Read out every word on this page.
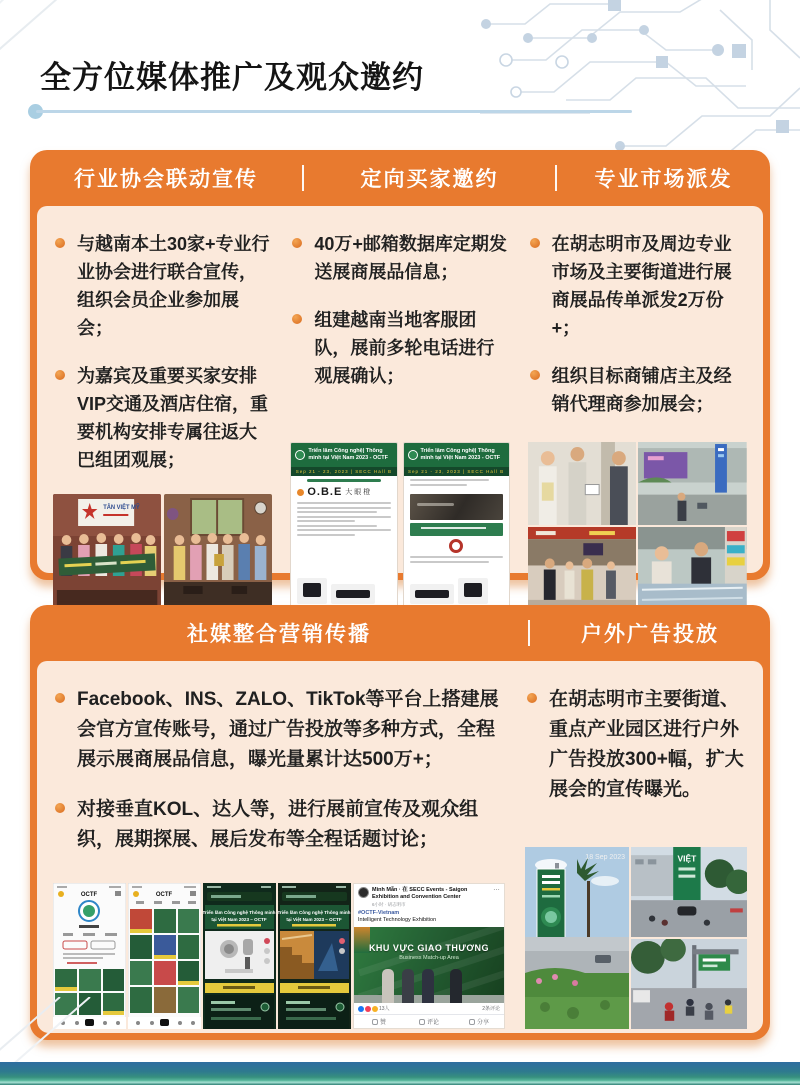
全方位媒体推广及观众邀约
行业协会联动宣传	定向买家邀约	专业市场派发

与越南本土30家+专业行业协会进行联合宣传，组织会员企业参加展会；

为嘉宾及重要买家安排VIP交通及酒店住宿，重要机构安排专属往返大巴组团观展；

TÂN VIỆT MỸ

40万+邮箱数据库定期发送展商展品信息；

组建越南当地客服团队，展前多轮电话进行观展确认；

Triển lãm Công nghệ| Thông minh tại Việt Nam 2023 - OCTF
Sep 21 - 23, 2023 | SECC Hall B
O.B.E 大眼橙
Triển lãm Công nghệ| Thông minh tại Việt Nam 2023 - OCTF
Sep 21 - 23, 2023 | SECC Hall B

在胡志明市及周边专业市场及主要街道进行展商展品传单派发2万份+；

组织目标商铺店主及经销代理商参加展会；

社媒整合营销传播	户外广告投放

Facebook、INS、ZALO、TikTok等平台上搭建展会官方宣传账号，通过广告投放等多种方式，全程展示展商展品信息，曝光量累计达500万+；

对接垂直KOL、达人等，进行展前宣传及观众组织，展期探展、展后发布等全程话题讨论；

OCTF	OCTF
Triển lãm Công nghệ Thông minh
tại Việt Nam 2023 – OCTF
Triển lãm Công nghệ Thông minh
tại Việt Nam 2023 – OCTF
Minh Mẫn · 在 SECC Events - Saigon Exhibition and Convention Center
6小时 · 胡志明市
…
#OCTF-Vietnam
Intelligent Technology Exhibition
KHU VỰC GIAO THƯƠNG
Business Match-up Area
13人	2条评论
赞	评论	分享

在胡志明市主要街道、重点产业园区进行户外广告投放300+幅，扩大展会的宣传曝光。

18 Sep 2023	VIỆT
